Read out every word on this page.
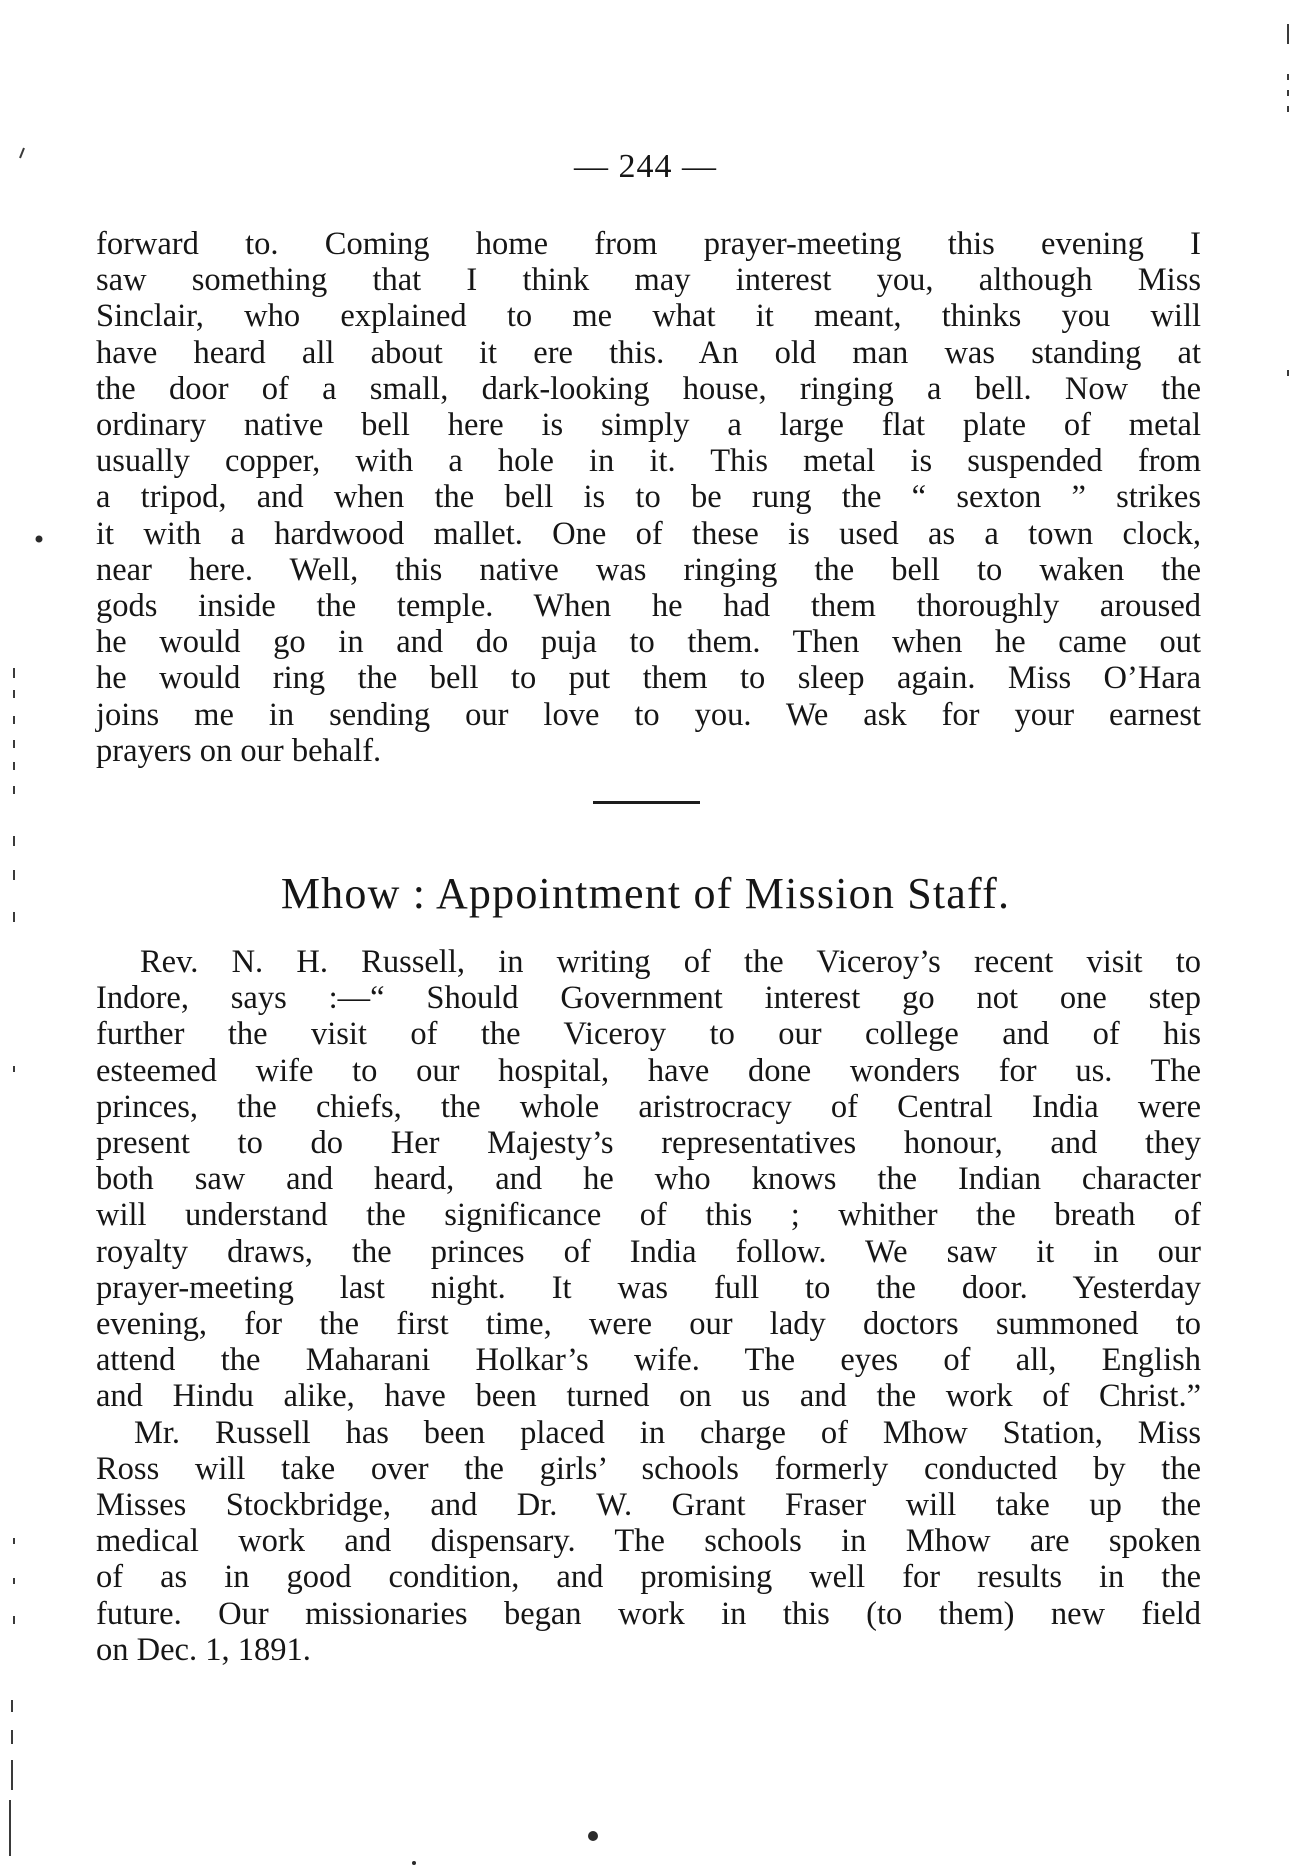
— 244 —
forward to. Coming home from prayer-meeting this evening I
saw something that I think may interest you, although Miss
Sinclair, who explained to me what it meant, thinks you will
have heard all about it ere this. An old man was standing at
the door of a small, dark-looking house, ringing a bell. Now the
ordinary native bell here is simply a large flat plate of metal
usually copper, with a hole in it. This metal is suspended from
a tripod, and when the bell is to be rung the “ sexton ” strikes
it with a hardwood mallet. One of these is used as a town clock,
near here. Well, this native was ringing the bell to waken the
gods inside the temple. When he had them thoroughly aroused
he would go in and do puja to them. Then when he came out
he would ring the bell to put them to sleep again. Miss O’Hara
joins me in sending our love to you. We ask for your earnest
prayers on our behalf.
Mhow : Appointment of Mission Staff.
Rev. N. H. Russell, in writing of the Viceroy’s recent visit to
Indore, says :—“ Should Government interest go not one step
further the visit of the Viceroy to our college and of his
esteemed wife to our hospital, have done wonders for us. The
princes, the chiefs, the whole aristrocracy of Central India were
present to do Her Majesty’s representatives honour, and they
both saw and heard, and he who knows the Indian character
will understand the significance of this ; whither the breath of
royalty draws, the princes of India follow. We saw it in our
prayer-meeting last night. It was full to the door. Yesterday
evening, for the first time, were our lady doctors summoned to
attend the Maharani Holkar’s wife. The eyes of all, English
and Hindu alike, have been turned on us and the work of Christ.”
Mr. Russell has been placed in charge of Mhow Station, Miss
Ross will take over the girls’ schools formerly conducted by the
Misses Stockbridge, and Dr. W. Grant Fraser will take up the
medical work and dispensary. The schools in Mhow are spoken
of as in good condition, and promising well for results in the
future. Our missionaries began work in this (to them) new field
on Dec. 1, 1891.
